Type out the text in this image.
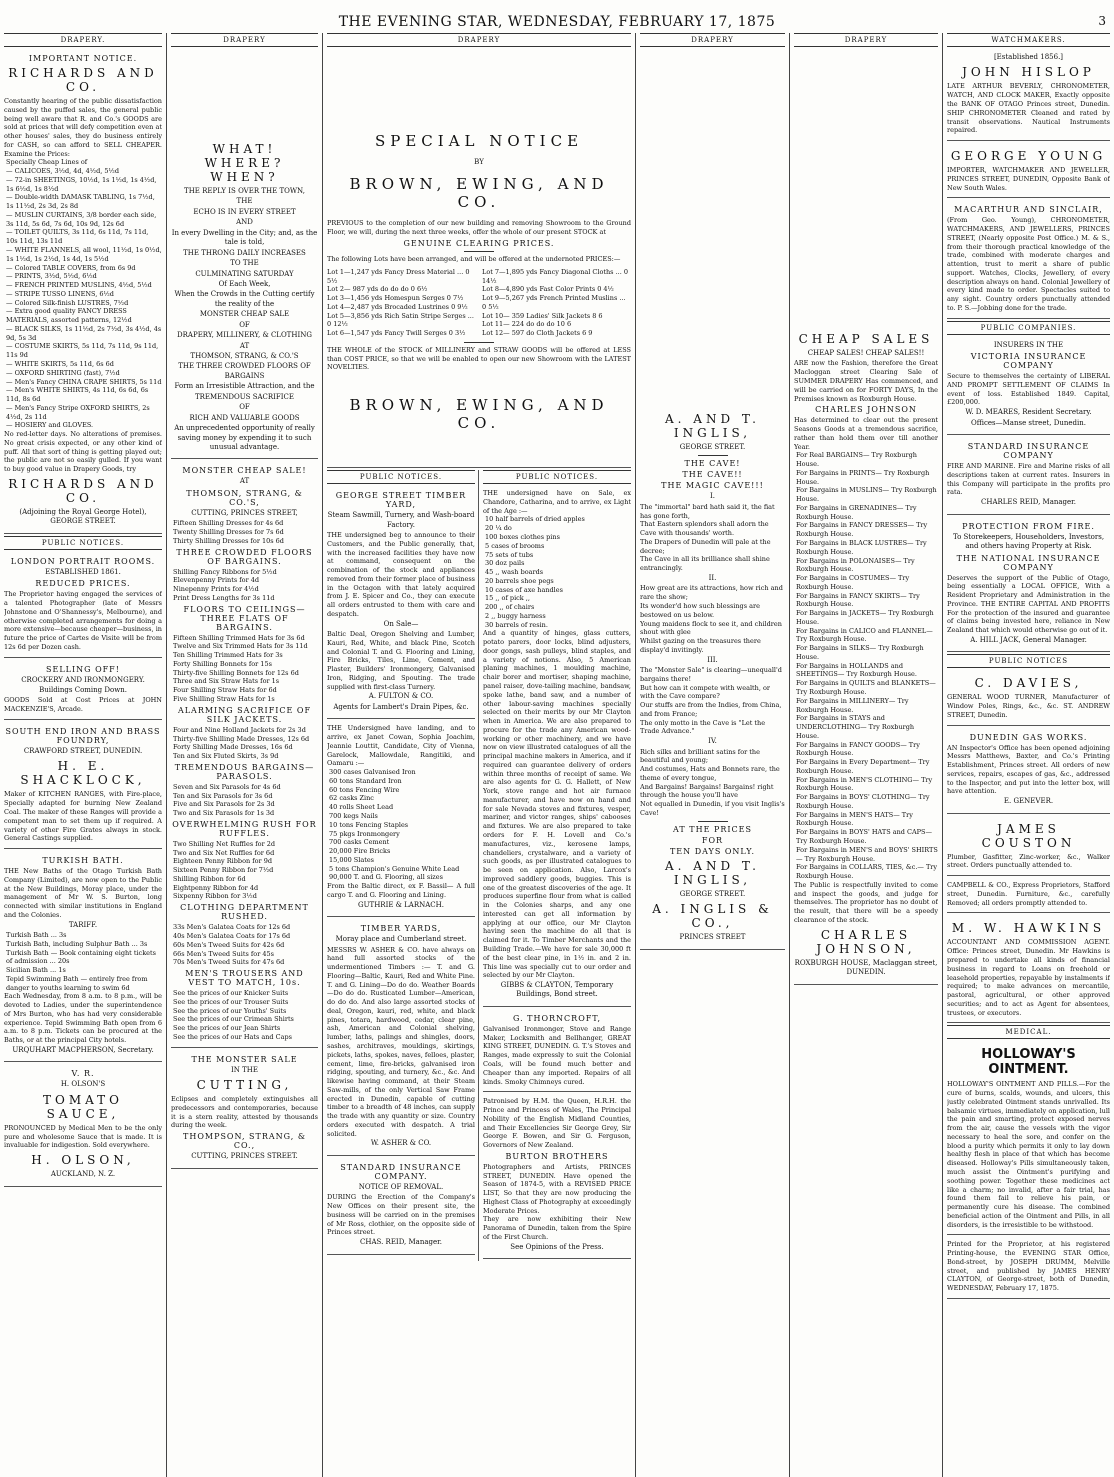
THE EVENING STAR, WEDNESDAY, FEBRUARY 17, 1875	3
DRAPERY.
IMPORTANT NOTICE.
RICHARDS AND CO.
Constantly hearing of the public dissatisfaction caused by the puffed sales, the general public being well aware that R. and Co.'s GOODS are sold at prices that will defy competition even at other houses' sales, they do business entirely for CASH, so can afford to SELL CHEAPER. Examine the Prices:
Specially Cheap Lines of
— CALICOES, 3½d, 4d, 4½d, 5½d
— 72-in SHEETINGS, 10½d, 1s 1½d, 1s 4½d, 1s 6½d, 1s 8½d
— Double-width DAMASK TABLING, 1s 7½d, 1s 11½d, 2s 3d, 2s 8d
— MUSLIN CURTAINS, 3/8 border each side, 3s 11d, 5s 6d, 7s 6d, 10s 9d, 12s 6d
— TOILET QUILTS, 3s 11d, 6s 11d, 7s 11d, 10s 11d, 13s 11d
— WHITE FLANNELS, all wool, 11½d, 1s 0½d, 1s 1½d, 1s 2½d, 1s 4d, 1s 5½d
— Colored TABLE COVERS, from 6s 9d
— PRINTS, 3½d, 5½d, 6½d
— FRENCH PRINTED MUSLINS, 4½d, 5½d
— STRIPE TUSSO LINENS, 6½d
— Colored Silk-finish LUSTRES, 7½d
— Extra good quality FANCY DRESS MATERIALS, assorted patterns, 12½d
— BLACK SILKS, 1s 11½d, 2s 7½d, 3s 4½d, 4s 9d, 5s 3d
— COSTUME SKIRTS, 5s 11d, 7s 11d, 9s 11d, 11s 9d
— WHITE SKIRTS, 5s 11d, 6s 6d
— OXFORD SHIRTING (fast), 7½d
— Men's Fancy CHINA CRAPE SHIRTS, 5s 11d
— Men's WHITE SHIRTS, 4s 11d, 6s 6d, 6s 11d, 8s 6d
— Men's Fancy Stripe OXFORD SHIRTS, 2s 4½d, 2s 11d
— HOSIERY and GLOVES.
No red-letter days. No alterations of premises. No great crisis expected, or any other kind of puff. All that sort of thing is getting played out; the public are not so easily gulled. If you want to buy good value in Drapery Goods, try
RICHARDS AND CO.
(Adjoining the Royal George Hotel), GEORGE STREET.
PUBLIC NOTICES.
LONDON PORTRAIT ROOMS.
ESTABLISHED 1861.
REDUCED PRICES.
The Proprietor having engaged the services of a talented Photographer (late of Messrs Johnstone and O'Shannessy's, Melbourne), and otherwise completed arrangements for doing a more extensive—because cheaper—business, in future the price of Cartes de Visite will be from 12s 6d per Dozen cash.
SELLING OFF!
CROCKERY AND IRONMONGERY.
Buildings Coming Down.
GOODS Sold at Cost Prices at JOHN MACKENZIE'S, Arcade.
SOUTH END IRON AND BRASS FOUNDRY,
CRAWFORD STREET, DUNEDIN.
H. E. SHACKLOCK,
Maker of KITCHEN RANGES, with Fire-place, Specially adapted for burning New Zealand Coal. The maker of these Ranges will provide a competent man to set them up if required. A variety of other Fire Grates always in stock. General Castings supplied.
TURKISH BATH.
THE New Baths of the Otago Turkish Bath Company (Limited), are now open to the Public at the New Buildings, Moray place, under the management of Mr W. S. Burton, long connected with similar institutions in England and the Colonies.
TARIFF.
Turkish Bath ... 3s
Turkish Bath, including Sulphur Bath ... 3s
Turkish Bath — Book containing eight tickets of admission ... 20s
Sicilian Bath ... 1s
Tepid Swimming Bath — entirely free from danger to youths learning to swim 6d
Each Wednesday, from 8 a.m. to 8 p.m., will be devoted to Ladies, under the superintendence of Mrs Burton, who has had very considerable experience. Tepid Swimming Bath open from 6 a.m. to 8 p.m. Tickets can be procured at the Baths, or at the principal City hotels.
URQUHART MACPHERSON, Secretary.
V. R.
H. OLSON'S
TOMATO SAUCE,
PRONOUNCED by Medical Men to be the only pure and wholesome Sauce that is made. It is invaluable for indigestion. Sold everywhere.
H. OLSON,
AUCKLAND, N. Z.
DRAPERY
WHAT! WHERE? WHEN?
THE REPLY IS OVER THE TOWN,
THE
ECHO IS IN EVERY STREET
AND
In every Dwelling in the City; and, as the tale is told,
THE THRONG DAILY INCREASES
TO THE
CULMINATING SATURDAY
Of Each Week,
When the Crowds in the Cutting certify the reality of the
MONSTER CHEAP SALE
OF
DRAPERY, MILLINERY, & CLOTHING
AT
THOMSON, STRANG, & CO.'S
THE THREE CROWDED FLOORS OF BARGAINS
Form an Irresistible Attraction, and the
TREMENDOUS SACRIFICE
OF
RICH AND VALUABLE GOODS
An unprecedented opportunity of really saving money by expending it to such unusual advantage.
MONSTER CHEAP SALE!
AT
THOMSON, STRANG, & CO.'S,
CUTTING, PRINCES STREET,
Fifteen Shilling Dresses for 4s 6d
Twenty Shilling Dresses for 7s 6d
Thirty Shilling Dresses for 10s 6d
THREE CROWDED FLOORS OF BARGAINS.
Shilling Fancy Ribbons for 5½d
Elevenpenny Prints for 4d
Ninepenny Prints for 4½d
Print Dress Lengths for 3s 11d
FLOORS TO CEILINGS— THREE FLATS OF BARGAINS.
Fifteen Shilling Trimmed Hats for 3s 6d
Twelve and Six Trimmed Hats for 3s 11d
Ten Shilling Trimmed Hats for 3s
Forty Shilling Bonnets for 15s
Thirty-five Shilling Bonnets for 12s 6d
Three and Six Straw Hats for 1s
Four Shilling Straw Hats for 6d
Five Shilling Straw Hats for 1s
ALARMING SACRIFICE OF SILK JACKETS.
Four and Nine Holland Jackets for 2s 3d
Thirty-five Shilling Made Dresses, 12s 6d
Forty Shilling Made Dresses, 16s 6d
Ten and Six Fluted Skirts, 3s 9d
TREMENDOUS BARGAINS— PARASOLS.
Seven and Six Parasols for 4s 6d
Ten and Six Parasols for 3s 6d
Five and Six Parasols for 2s 3d
Two and Six Parasols for 1s 3d
OVERWHELMING RUSH FOR RUFFLES.
Two Shilling Net Ruffles for 2d
Two and Six Net Ruffles for 6d
Eighteen Penny Ribbon for 9d
Sixteen Penny Ribbon for 7½d
Shilling Ribbon for 6d
Eightpenny Ribbon for 4d
Sixpenny Ribbon for 3½d
CLOTHING DEPARTMENT RUSHED.
33s Men's Galatea Coats for 12s 6d
40s Men's Galatea Coats for 17s 6d
60s Men's Tweed Suits for 42s 6d
66s Men's Tweed Suits for 45s
70s Men's Tweed Suits for 47s 6d
MEN'S TROUSERS AND VEST TO MATCH, 10s.
See the prices of our Knicker Suits
See the prices of our Trouser Suits
See the prices of our Youths' Suits
See the prices of our Crimean Shirts
See the prices of our Jean Shirts
See the prices of our Hats and Caps
THE MONSTER SALE
IN THE
CUTTING,
Eclipses and completely extinguishes all predecessors and contemporaries, because it is a stern reality, attested by thousands during the week.
THOMPSON, STRANG, & CO.,
CUTTING, PRINCES STREET.
DRAPERY
SPECIAL NOTICE
BY
BROWN, EWING, AND CO.
PREVIOUS to the completion of our new building and removing Showroom to the Ground Floor, we will, during the next three weeks, offer the whole of our present STOCK at
GENUINE CLEARING PRICES.
The following Lots have been arranged, and will be offered at the undernoted PRICES:—
Lot 1—1,247 yds Fancy Dress Material ... 0 5½
Lot 2— 987 yds do do do 0 6½
Lot 3—1,456 yds Homespun Serges 0 7½
Lot 4—2,487 yds Brocaded Lustrines 0 9½
Lot 5—3,856 yds Rich Satin Stripe Serges ... 0 12½
Lot 6—1,547 yds Fancy Twill Serges 0 3½
Lot 7—1,895 yds Fancy Diagonal Cloths ... 0 14½
Lot 8—4,890 yds Fast Color Prints 0 4½
Lot 9—5,267 yds French Printed Muslins ... 0 5½
Lot 10— 359 Ladies' Silk Jackets 8 6
Lot 11— 224 do do do 10 6
Lot 12— 597 do Cloth Jackets 6 9
THE WHOLE of the STOCK of MILLINERY and STRAW GOODS will be offered at LESS than COST PRICE, so that we will be enabled to open our new Showroom with the LATEST NOVELTIES.
BROWN, EWING, AND CO.
PUBLIC NOTICES.
GEORGE STREET TIMBER YARD,
Steam Sawmill, Turnery, and Wash-board Factory.
THE undersigned beg to announce to their Customers, and the Public generally, that, with the increased facilities they have now at command, consequent on the combination of the stock and appliances removed from their former place of business in the Octagon with that lately acquired from J. E. Spicer and Co., they can execute all orders entrusted to them with care and despatch.
On Sale—
Baltic Deal, Oregon Shelving and Lumber, Kauri, Red, White, and black Pine, Scotch and Colonial T. and G. Flooring and Lining, Fire Bricks, Tiles, Lime, Cement, and Plaster, Builders' Ironmongery, Galvanised Iron, Ridging, and Spouting. The trade supplied with first-class Turnery.
A. FULTON & CO.
Agents for Lambert's Drain Pipes, &c.
THE Undersigned have landing, and to arrive, ex Janet Cowan, Sophia Joachim, Jeannie Louttit, Candidate, City of Vienna, Garelock, Mallowdale, Rangitiki, and Oamaru :—
300 cases Galvanised Iron
60 tons Standard Iron
60 tons Fencing Wire
62 casks Zinc
40 rolls Sheet Lead
700 kegs Nails
10 tons Fencing Staples
75 pkgs Ironmongery
700 casks Cement
20,000 Fire Bricks
15,000 Slates
5 tons Champion's Genuine White Lead
90,000 T. and G. Flooring, all sizes
From the Baltic direct, ex F. Bassil— A full cargo T. and G. Flooring and Lining.
GUTHRIE & LARNACH.
TIMBER YARDS,
Moray place and Cumberland street.
MESSRS W. ASHER & CO. have always on hand full assorted stocks of the undermentioned Timbers :— T. and G. Flooring—Baltic, Kauri, Red and White Pine. T. and G. Lining—Do do do. Weather Boards—Do do do. Rusticated Lumber—American, do do do. And also large assorted stocks of deal, Oregon, kauri, red, white, and black pines, totara, hardwood, cedar, clear pine, ash, American and Colonial shelving, lumber, laths, palings and shingles, doors, sashes, architraves, mouldings, skirtings, pickets, laths, spokes, naves, felloes, plaster, cement, lime, fire-bricks, galvanised iron ridging, spouting, and turnery, &c., &c. And likewise having command, at their Steam Saw-mills, of the only Vertical Saw Frame erected in Dunedin, capable of cutting timber to a breadth of 48 inches, can supply the trade with any quantity or size. Country orders executed with despatch. A trial solicited.
W. ASHER & CO.
STANDARD INSURANCE COMPANY.
NOTICE OF REMOVAL.
DURING the Erection of the Company's New Offices on their present site, the business will be carried on in the premises of Mr Ross, clothier, on the opposite side of Princes street.
CHAS. REID, Manager.
PUBLIC NOTICES.
THE undersigned have on Sale, ex Chandore, Catharina, and to arrive, ex Light of the Age :—
10 half barrels of dried apples
20 ¼ do
100 boxes clothes pins
5 cases of brooms
75 sets of tubs
30 doz pails
45 ,, wash boards
20 barrels shoe pegs
10 cases of axe handles
15 ,, of pick ,,
200 ,, of chairs
2 ,, buggy harness
30 barrels of resin.
And a quantity of hinges, glass cutters, potato parers, door locks, blind adjusters, door gongs, sash pulleys, blind staples, and a variety of notions. Also, 5 American planing machines, 1 moulding machine, chair borer and mortiser, shaping machine, panel raiser, dove-tailing machine, bandsaw, spoke lathe, band saw, and a number of other labour-saving machines specially selected on their merits by our Mr Clayton when in America. We are also prepared to procure for the trade any American wood-working or other machinery, and we have now on view illustrated catalogues of all the principal machine makers in America, and if required can guarantee delivery of orders within three months of receipt of same. We are also agents for G. G. Hallett, of New York, stove range and hot air furnace manufacturer, and have now on hand and for sale Nevada stoves and fixtures, vesper, mariner, and victor ranges, ships' cabooses and fixtures. We are also prepared to take orders for F. H. Lovell and Co.'s manufactures, viz., kerosene lamps, chandeliers, crystalware, and a variety of such goods, as per illustrated catalogues to be seen on application. Also, Larcox's improved saddlery goods, buggies. This is one of the greatest discoveries of the age. It produces superfine flour from what is called in the Colonies sharps, and any one interested can get all information by applying at our office, our Mr Clayton having seen the machine do all that is claimed for it. To Timber Merchants and the Building Trade.—We have for sale 30,000 ft of the best clear pine, in 1½ in. and 2 in. This line was specially cut to our order and selected by our Mr Clayton.
GIBBS & CLAYTON, Temporary Buildings, Bond street.
G. THORNCROFT,
Galvanised Ironmonger, Stove and Range Maker, Locksmith and Bellhanger, GREAT KING STREET, DUNEDIN. G. T.'s Stoves and Ranges, made expressly to suit the Colonial Coals, will be found much better and Cheaper than any imported. Repairs of all kinds. Smoky Chimneys cured.
Patronised by H.M. the Queen, H.R.H. the Prince and Princess of Wales, The Principal Nobility of the English Midland Counties, and Their Excellencies Sir George Grey, Sir George F. Bowen, and Sir G. Ferguson, Governors of New Zealand.
BURTON BROTHERS
Photographers and Artists, PRINCES STREET, DUNEDIN. Have opened the Season of 1874-5, with a REVISED PRICE LIST, So that they are now producing the Highest Class of Photography at exceedingly Moderate Prices.
They are now exhibiting their New Panorama of Dunedin, taken from the Spire of the First Church.
See Opinions of the Press.
DRAPERY
A. AND T. INGLIS,
GEORGE STREET.
THE CAVE!
THE CAVE!!
THE MAGIC CAVE!!!
I.
The "immortal" bard hath said it, the fiat has gone forth,
That Eastern splendors shall adorn the Cave with thousands' worth.
The Drapers of Dunedin will pale at the decree;
The Cave in all its brilliance shall shine entrancingly.
II.
How great are its attractions, how rich and rare the show;
Its wonder'd how such blessings are bestowed on us below.
Young maidens flock to see it, and children shout with glee
Whilst gazing on the treasures there display'd invitingly.
III.
The "Monster Sale" is clearing—unequall'd bargains there!
But how can it compete with wealth, or with the Cave compare?
Our stuffs are from the Indies, from China, and from France;
The only motto in the Cave is "Let the Trade Advance."
IV.
Rich silks and brilliant satins for the beautiful and young;
And costumes, Hats and Bonnets rare, the theme of every tongue,
And Bargains! Bargains! Bargains! right through the house you'll have
Not equalled in Dunedin, if you visit Inglis's Cave!
AT THE PRICES
FOR
TEN DAYS ONLY.
A. AND T. INGLIS,
GEORGE STREET.
A. INGLIS & CO.,
PRINCES STREET
DRAPERY
CHEAP SALES
CHEAP SALES! CHEAP SALES!!
ARE now the Fashion, therefore the Great Macloggan street Clearing Sale of SUMMER DRAPERY Has commenced, and will be carried on for FORTY DAYS, In the Premises known as Roxburgh House.
CHARLES JOHNSON
Has determined to clear out the present Seasons Goods at a tremendous sacrifice, rather than hold them over till another Year.
For Real BARGAINS— Try Roxburgh House.
For Bargains in PRINTS— Try Roxburgh House.
For Bargains in MUSLINS— Try Roxburgh House.
For Bargains in GRENADINES— Try Roxburgh House.
For Bargains in FANCY DRESSES— Try Roxburgh House.
For Bargains in BLACK LUSTRES— Try Roxburgh House.
For Bargains in POLONAISES— Try Roxburgh House.
For Bargains in COSTUMES— Try Roxburgh House.
For Bargains in FANCY SKIRTS— Try Roxburgh House.
For Bargains in JACKETS— Try Roxburgh House.
For Bargains in CALICO and FLANNEL— Try Roxburgh House.
For Bargains in SILKS— Try Roxburgh House.
For Bargains in HOLLANDS and SHEETINGS— Try Roxburgh House.
For Bargains in QUILTS and BLANKETS— Try Roxburgh House.
For Bargains in MILLINERY— Try Roxburgh House.
For Bargains in STAYS and UNDERCLOTHING— Try Roxburgh House.
For Bargains in FANCY GOODS— Try Roxburgh House.
For Bargains in Every Department— Try Roxburgh House.
For Bargains in MEN'S CLOTHING— Try Roxburgh House.
For Bargains in BOYS' CLOTHING— Try Roxburgh House.
For Bargains in MEN'S HATS— Try Roxburgh House.
For Bargains in BOYS' HATS and CAPS— Try Roxburgh House.
For Bargains in MEN'S and BOYS' SHIRTS— Try Roxburgh House.
For Bargains in COLLARS, TIES, &c.— Try Roxburgh House.
The Public is respectfully invited to come and inspect the goods, and judge for themselves. The proprietor has no doubt of the result, that there will be a speedy clearance of the stock.
CHARLES JOHNSON,
ROXBURGH HOUSE, Maclaggan street, DUNEDIN.
WATCHMAKERS.
[Established 1856.]
JOHN HISLOP
LATE ARTHUR BEVERLY, CHRONOMETER, WATCH, AND CLOCK MAKER, Exactly opposite the BANK OF OTAGO Princes street, Dunedin. SHIP CHRONOMETER Cleaned and rated by transit observations. Nautical Instruments repaired.
GEORGE YOUNG
IMPORTER, WATCHMAKER AND JEWELLER, PRINCES STREET, DUNEDIN, Opposite Bank of New South Wales.
MACARTHUR AND SINCLAIR,
(From Geo. Young), CHRONOMETER, WATCHMAKERS, AND JEWELLERS, PRINCES STREET, (Nearly opposite Post Office.) M. & S., from their thorough practical knowledge of the trade, combined with moderate charges and attention, trust to merit a share of public support. Watches, Clocks, Jewellery, of every description always on hand. Colonial Jewellery of every kind made to order. Spectacles suited to any sight. Country orders punctually attended to. P. S.—Jobbing done for the trade.
PUBLIC COMPANIES.
INSURERS IN THE
VICTORIA INSURANCE COMPANY
Secure to themselves the certainty of LIBERAL AND PROMPT SETTLEMENT OF CLAIMS In event of loss. Established 1849. Capital, £200,000.
W. D. MEARES, Resident Secretary.
Offices—Manse street, Dunedin.
STANDARD INSURANCE COMPANY
FIRE AND MARINE. Fire and Marine risks of all descriptions taken at current rates. Insurers in this Company will participate in the profits pro rata.
CHARLES REID, Manager.
PROTECTION FROM FIRE.
To Storekeepers, Householders, Investors, and others having Property at Risk.
THE NATIONAL INSURANCE COMPANY
Deserves the support of the Public of Otago, being essentially a LOCAL OFFICE, With a Resident Proprietary and Administration in the Province. THE ENTIRE CAPITAL AND PROFITS For the protection of the insured and guarantee of claims being invested here, reliance in New Zealand that which would otherwise go out of it.
A. HILL JACK, General Manager.
PUBLIC NOTICES
C. DAVIES,
GENERAL WOOD TURNER, Manufacturer of Window Poles, Rings, &c., &c. ST. ANDREW STREET, Dunedin.
DUNEDIN GAS WORKS.
AN Inspector's Office has been opened adjoining Messrs Matthews, Baxter, and Co.'s Printing Establishment, Princes street. All orders of new services, repairs, escapes of gas, &c., addressed to the Inspector, and put into the letter box, will have attention.
E. GENEVER.
JAMES COUSTON
Plumber, Gasfitter, Zinc-worker, &c., Walker street. Orders punctually attended to.
CAMPBELL & CO., Express Proprietors, Stafford street, Dunedin. Furniture, &c., carefully Removed; all orders promptly attended to.
M. W. HAWKINS
ACCOUNTANT AND COMMISSION AGENT. Office: Princes street, Dunedin. Mr Hawkins is prepared to undertake all kinds of financial business in regard to Loans on freehold or leasehold properties, repayable by instalments if required; to make advances on mercantile, pastoral, agricultural, or other approved securities; and to act as Agent for absentees, trustees, or executors.
MEDICAL.
HOLLOWAY'S OINTMENT.
HOLLOWAY'S OINTMENT AND PILLS.—For the cure of burns, scalds, wounds, and ulcers, this justly celebrated Ointment stands unrivalled. Its balsamic virtues, immediately on application, lull the pain and smarting, protect exposed nerves from the air, cause the vessels with the vigor necessary to heal the sore, and confer on the blood a purity which permits it only to lay down healthy flesh in place of that which has become diseased. Holloway's Pills simultaneously taken, much assist the Ointment's purifying and soothing power. Together these medicines act like a charm; no invalid, after a fair trial, has found them fail to relieve his pain, or permanently cure his disease. The combined beneficial action of the Ointment and Pills, in all disorders, is the irresistible to be withstood.
Printed for the Proprietor, at his registered Printing-house, the EVENING STAR Office, Bond-street, by JOSEPH DRUMM, Melville street, and published by JAMES HENRY CLAYTON, of George-street, both of Dunedin, WEDNESDAY, February 17, 1875.
